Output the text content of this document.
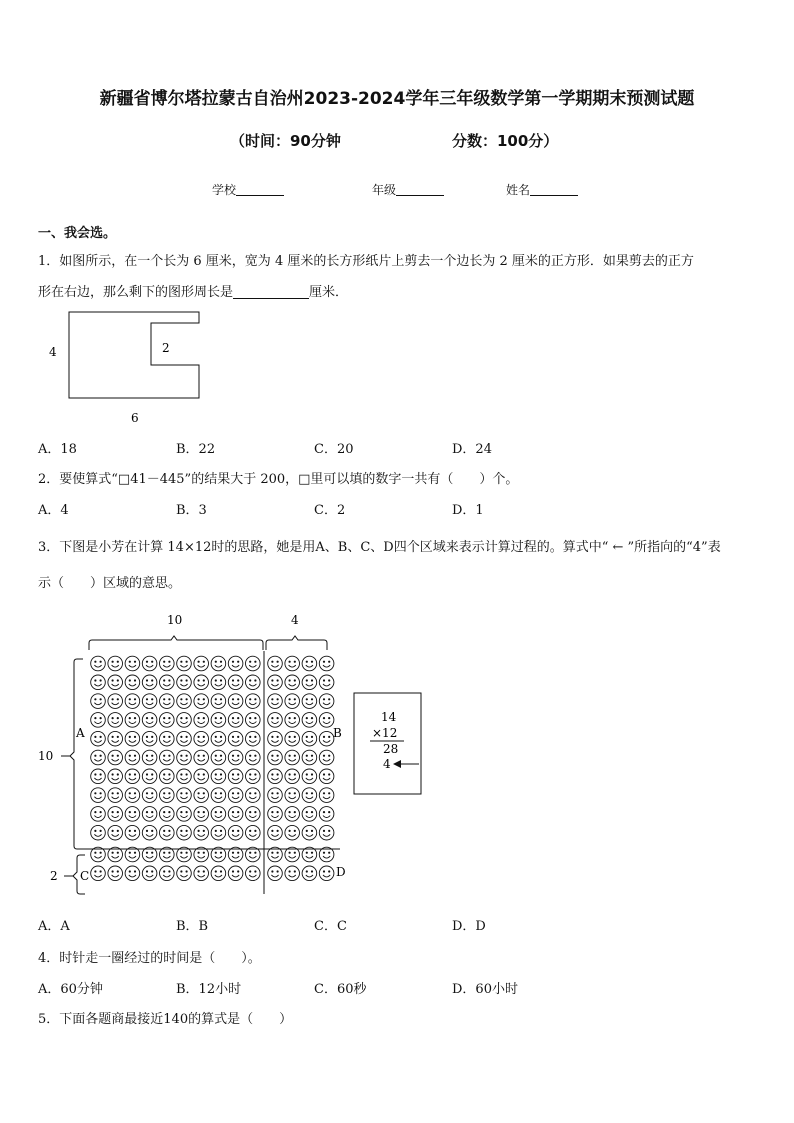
新疆省博尔塔拉蒙古自治州2023-2024学年三年级数学第一学期期末预测试题
（时间：90分钟	分数：100分）
学校	年级	姓名
一、我会选。
1．如图所示，在一个长为 6 厘米，宽为 4 厘米的长方形纸片上剪去一个边长为 2 厘米的正方形．如果剪去的正方
形在右边，那么剩下的图形周长是	厘米．
4	2
6
A．18	B．22	C．20	D．24
2．要使算式“□41－445”的结果大于 200，□里可以填的数字一共有（　　）个。
A．4	B．3	C．2	D．1
3．下图是小芳在计算 14×12时的思路，她是用A、B、C、D四个区域来表示计算过程的。算式中“ ← ”所指向的“4”表
示（　　）区域的意思。
10	4
10
2
A	B
C	D
14
×12
28
4
A．A	B．B	C．C	D．D
4．时针走一圈经过的时间是（　　）。
A．60分钟	B．12小时	C．60秒	D．60小时
5．下面各题商最接近140的算式是（　　）
